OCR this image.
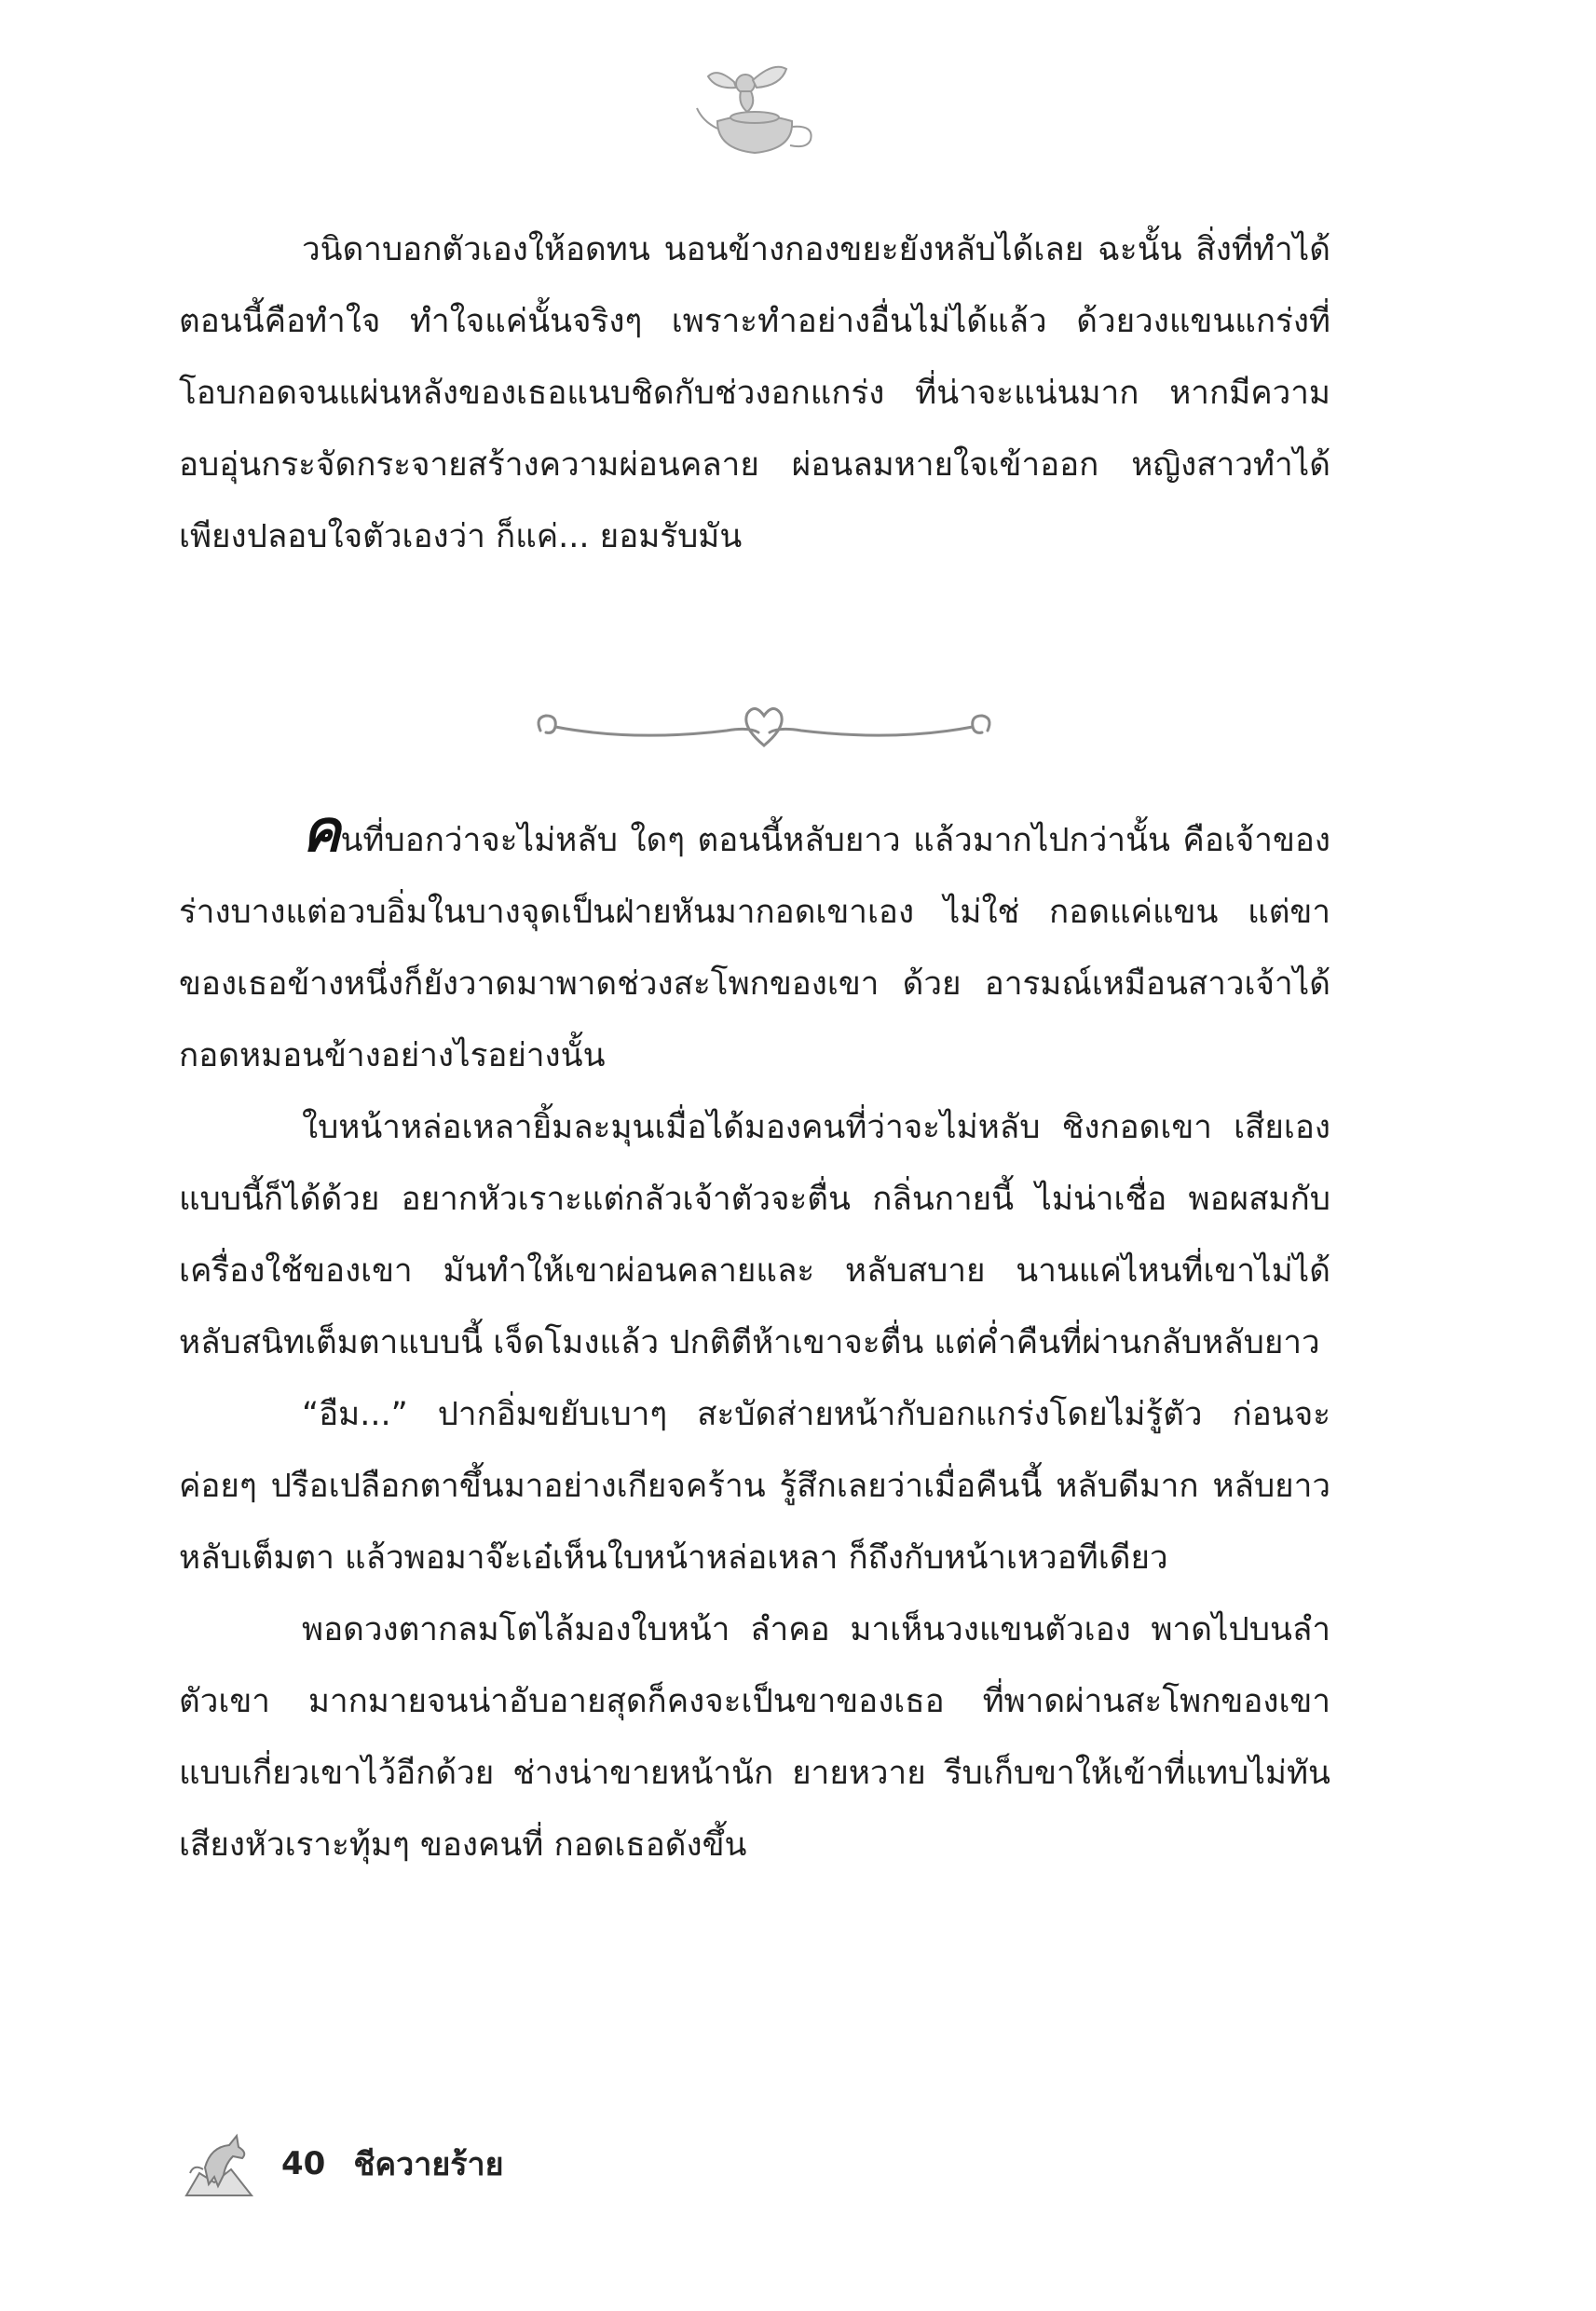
วนิดาบอกตัวเองให้อดทน นอนข้างกองขยะยังหลับได้เลย ฉะนั้น สิ่งที่ทำได้ตอนนี้คือทำใจ ทำใจแค่นั้นจริงๆ เพราะทำอย่างอื่นไม่ได้แล้ว ด้วยวงแขนแกร่งที่โอบกอดจนแผ่นหลังของเธอแนบชิดกับช่วงอกแกร่ง ที่น่าจะแน่นมาก หากมีความอบอุ่นกระจัดกระจายสร้างความผ่อนคลาย ผ่อนลมหายใจเข้าออก หญิงสาวทำได้เพียงปลอบใจตัวเองว่า ก็แค่... ยอมรับมัน

คนที่บอกว่าจะไม่หลับ ใดๆ ตอนนี้หลับยาว แล้วมากไปกว่านั้น คือเจ้าของร่างบางแต่อวบอิ่มในบางจุดเป็นฝ่ายหันมากอดเขาเอง ไม่ใช่ กอดแค่แขน แต่ขาของเธอข้างหนึ่งก็ยังวาดมาพาดช่วงสะโพกของเขา ด้วย อารมณ์เหมือนสาวเจ้าได้กอดหมอนข้างอย่างไรอย่างนั้น

ใบหน้าหล่อเหลายิ้มละมุนเมื่อได้มองคนที่ว่าจะไม่หลับ ชิงกอดเขา เสียเองแบบนี้ก็ได้ด้วย อยากหัวเราะแต่กลัวเจ้าตัวจะตื่น กลิ่นกายนี้ ไม่น่าเชื่อ พอผสมกับเครื่องใช้ของเขา มันทำให้เขาผ่อนคลายและ หลับสบาย นานแค่ไหนที่เขาไม่ได้หลับสนิทเต็มตาแบบนี้ เจ็ดโมงแล้ว ปกติตีห้าเขาจะตื่น แต่ค่ำคืนที่ผ่านกลับหลับยาว

“อืม...” ปากอิ่มขยับเบาๆ สะบัดส่ายหน้ากับอกแกร่งโดยไม่รู้ตัว ก่อนจะค่อยๆ ปรือเปลือกตาขึ้นมาอย่างเกียจคร้าน รู้สึกเลยว่าเมื่อคืนนี้ หลับดีมาก หลับยาว หลับเต็มตา แล้วพอมาจ๊ะเอ๋เห็นใบหน้าหล่อเหลา ก็ถึงกับหน้าเหวอทีเดียว

พอดวงตากลมโตไล้มองใบหน้า ลำคอ มาเห็นวงแขนตัวเอง พาดไปบนลำตัวเขา มากมายจนน่าอับอายสุดก็คงจะเป็นขาของเธอ ที่พาดผ่านสะโพกของเขาแบบเกี่ยวเขาไว้อีกด้วย ช่างน่าขายหน้านัก ยายหวาย รีบเก็บขาให้เข้าที่แทบไม่ทัน เสียงหัวเราะทุ้มๆ ของคนที่ กอดเธอดังขึ้น

40 ชีควายร้าย
